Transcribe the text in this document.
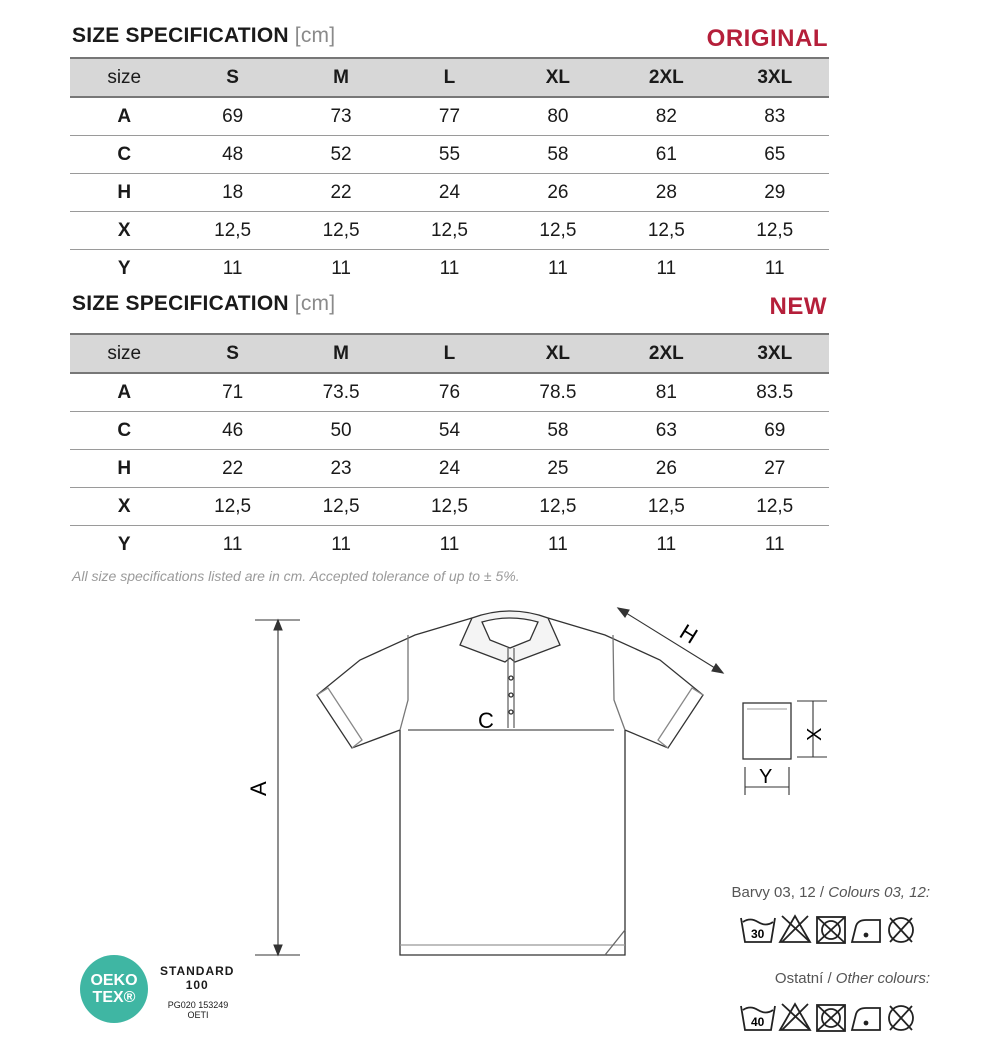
SIZE SPECIFICATION [cm]	ORIGINAL
size	S	M	L	XL	2XL	3XL
A	69	73	77	80	82	83
C	48	52	55	58	61	65
H	18	22	24	26	28	29
X	12,5	12,5	12,5	12,5	12,5	12,5
Y	11	11	11	11	11	11
SIZE SPECIFICATION [cm]	NEW
size	S	M	L	XL	2XL	3XL
A	71	73.5	76	78.5	81	83.5
C	46	50	54	58	63	69
H	22	23	24	25	26	27
X	12,5	12,5	12,5	12,5	12,5	12,5
Y	11	11	11	11	11	11
All size specifications listed are in cm. Accepted tolerance of up to ± 5%.
A
H
C
X
Y
Barvy 03, 12 / Colours 03, 12:
30
Ostatní / Other colours:
40
OEKO
TEX®
STANDARD
100
PG020 153249
OETI
